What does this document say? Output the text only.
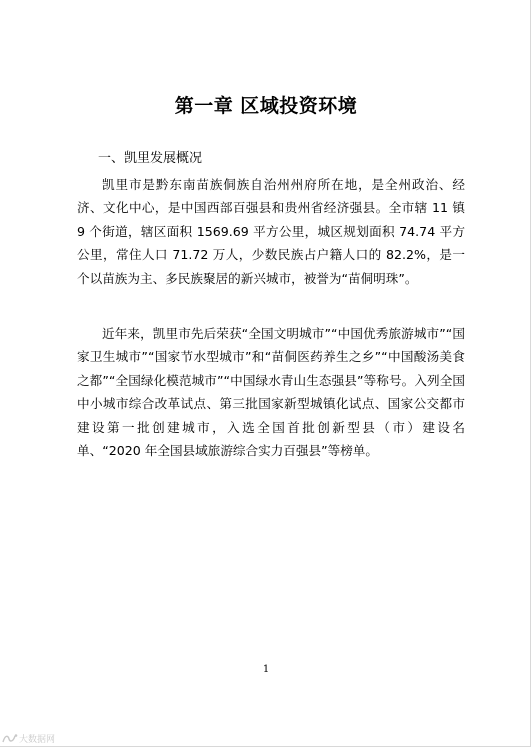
第一章 区域投资环境
一、凯里发展概况

凯里市是黔东南苗族侗族自治州州府所在地，是全州政治、经济、文化中心，是中国西部百强县和贵州省经济强县。全市辖 11 镇 9 个街道，辖区面积 1569.69 平方公里，城区规划面积 74.74 平方公里，常住人口 71.72 万人，少数民族占户籍人口的 82.2%，是一个以苗族为主、多民族聚居的新兴城市，被誉为“苗侗明珠”。

近年来，凯里市先后荣获“全国文明城市”“中国优秀旅游城市”“国家卫生城市”“国家节水型城市”和“苗侗医药养生之乡”“中国酸汤美食之都”“全国绿化模范城市”“中国绿水青山生态强县”等称号。入列全国中小城市综合改革试点、第三批国家新型城镇化试点、国家公交都市建设第一批创建城市，入选全国首批创新型县（市）建设名单、“2020 年全国县域旅游综合实力百强县”等榜单。

1
大数据网
